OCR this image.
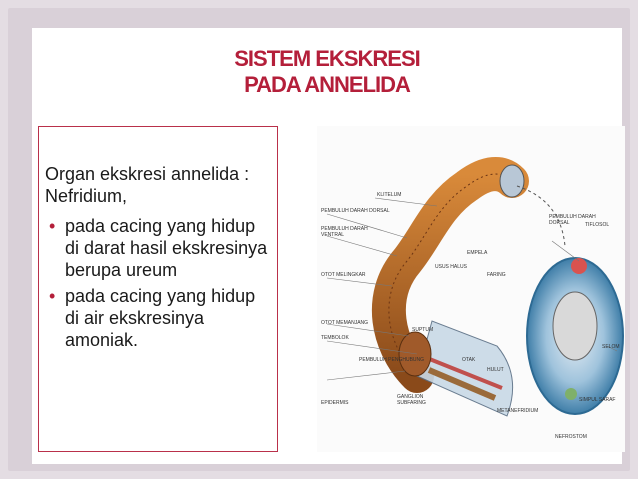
SISTEM EKSKRESI
PADA ANNELIDA
Organ ekskresi annelida : Nefridium,
• pada cacing yang hidup di darat hasil ekskresinya berupa ureum
• pada cacing yang hidup di air ekskresinya amoniak.
KLITELUM
PEMBULUH DARAH DORSAL
PEMBULUH DARAH
VENTRAL
OTOT MELINGKAR
USUS HALUS
EMPELA
OTOT MEMANJANG
SUPTUM
TEMBOLOK
PEMBULUH PENGHUBUNG	OTAK
HULUT
EPIDERMIS
GANGLION
SUBFARING
FARING
NEFROSTOM
METANEFRIDIUM
SIMPUL SARAF
SELOM
TIFLOSOL
PEMBULUH DARAH
DORSAL
